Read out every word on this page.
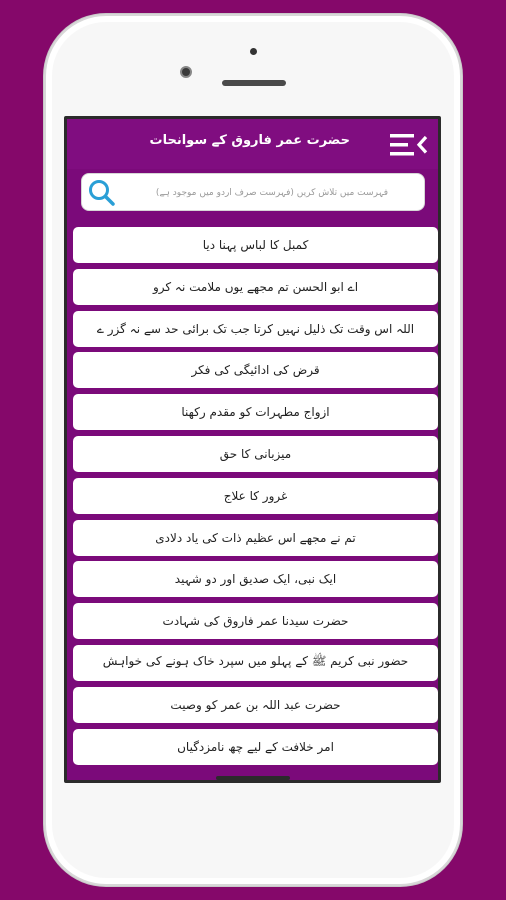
حضرت عمر فاروق کے سوانحات
فہرست میں تلاش کریں (فہرست صرف اردو میں موجود ہے)
کمبل کا لباس پہنا دیا
اے ابو الحسن تم مجھے یوں ملامت نہ کرو
اللہ اس وقت تک ذلیل نہیں کرتا جب تک برائی حد سے نہ گزر ے
قرض کی ادائیگی کی فکر
ازواج مطہرات کو مقدم رکھنا
میزبانی کا حق
غرور کا علاج
تم نے مجھے اس عظیم ذات کی یاد دلادی
ایک نبی، ایک صدیق اور دو شہید
حضرت سیدنا عمر فاروق کی شہادت
حضور نبی کریم ﷺ کے پہلو میں سپرد خاک ہونے کی خواہش
حضرت عبد اللہ بن عمر کو وصیت
امر خلافت کے لیے چھ نامزدگیاں
